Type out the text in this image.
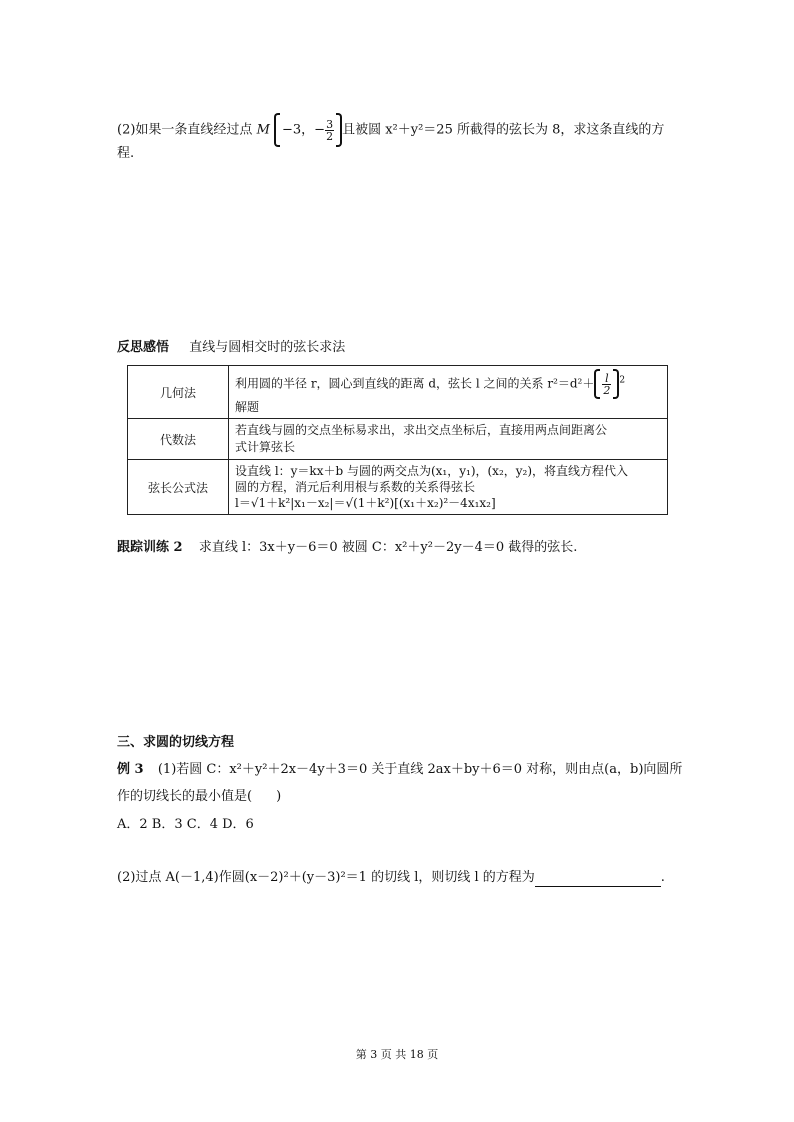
(2)如果一条直线经过点 M −3，− $\frac{3}{2}$ 且被圆 x²＋y²＝25 所截得的弦长为 8，求这条直线的方
程.
反思感悟 直线与圆相交时的弦长求法
几何法	利用圆的半径 r，圆心到直线的距离 d，弦长 l 之间的关系 $r^2=d^2+ \frac{l}{2} ^2$
解题

代数法	若直线与圆的交点坐标易求出，求出交点坐标后，直接用两点间距离公
式计算弦长

弦长公式法	设直线 l：y＝kx＋b 与圆的两交点为(x₁，y₁)，(x₂，y₂)，将直线方程代入
圆的方程，消元后利用根与系数的关系得弦长
l＝√1＋k²|x₁－x₂|＝√(1＋k²)[(x₁＋x₂)²－4x₁x₂]
跟踪训练 2 求直线 l：3x＋y－6＝0 被圆 C：x²＋y²－2y－4＝0 截得的弦长.
三、求圆的切线方程
例 3 (1)若圆 C：x²＋y²＋2x－4y＋3＝0 关于直线 2ax＋by＋6＝0 对称，则由点(a，b)向圆所
作的切线长的最小值是( )
A．2 B．3 C．4 D．6
(2)过点 A(－1,4)作圆(x－2)²＋(y－3)²＝1 的切线 l，则切线 l 的方程为	.
第 3 页 共 18 页
